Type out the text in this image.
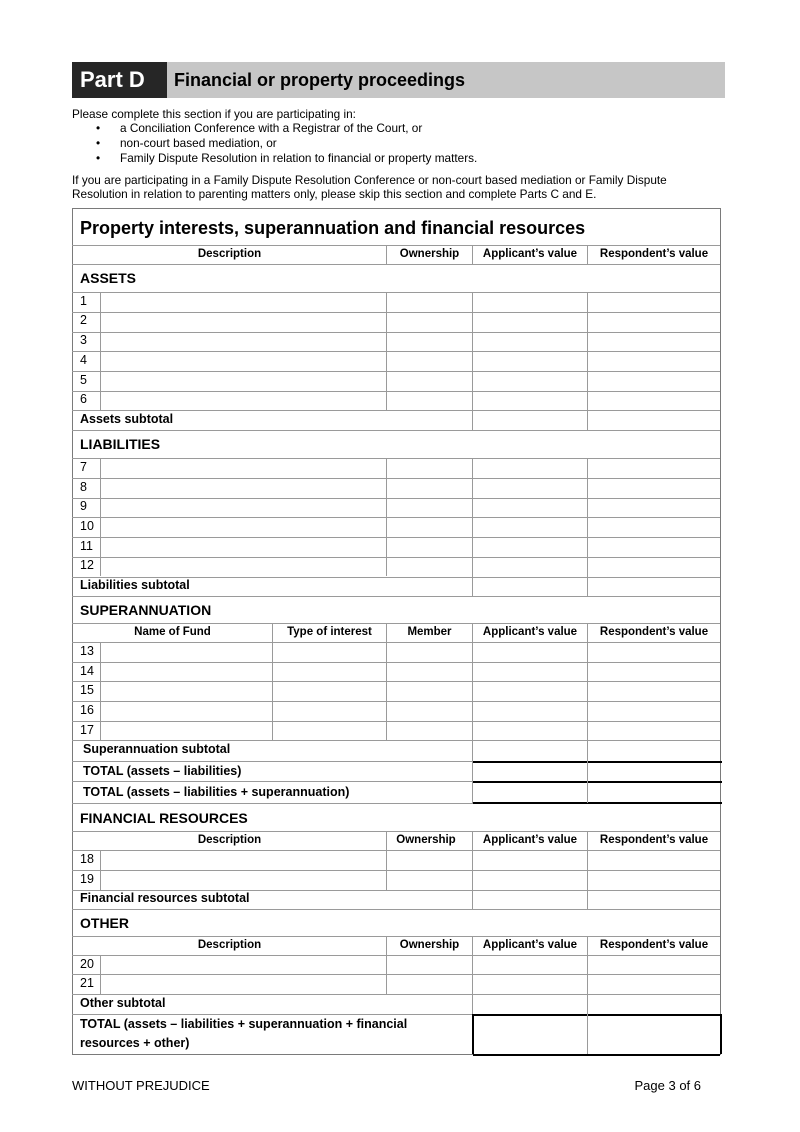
Part D	Financial or property proceedings
Please complete this section if you are participating in:
• a Conciliation Conference with a Registrar of the Court, or
• non-court based mediation, or
• Family Dispute Resolution in relation to financial or property matters.
If you are participating in a Family Dispute Resolution Conference or non-court based mediation or Family Dispute
Resolution in relation to parenting matters only, please skip this section and complete Parts C and E.
Property interests, superannuation and financial resources
Description	Ownership	Applicant’s value	Respondent’s value
ASSETS
1
2
3
4
5
6
Assets subtotal
LIABILITIES
7
8
9
10
11
12
Liabilities subtotal
SUPERANNUATION
Name of Fund	Type of interest	Member	Applicant’s value	Respondent’s value
13
14
15
16
17
Superannuation subtotal
TOTAL (assets – liabilities)
TOTAL (assets – liabilities + superannuation)
FINANCIAL RESOURCES
Description	Ownership	Applicant’s value	Respondent’s value
18
19
Financial resources subtotal
OTHER
Description	Ownership	Applicant’s value	Respondent’s value
20
21
Other subtotal
TOTAL (assets – liabilities + superannuation + financial
resources + other)
WITHOUT PREJUDICE	Page 3 of 6
